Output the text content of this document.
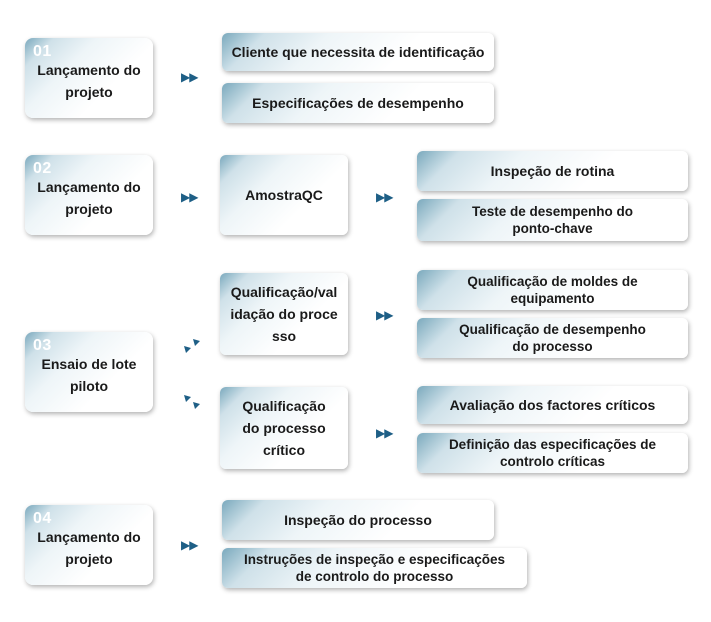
01
Lançamento do projeto
▶▶
Cliente que necessita de identificação
Especificações de desempenho
02
Lançamento do projeto
▶▶	AmostraQC	▶▶
Inspeção de rotina
Teste de desempenho do ponto-chave
03
Ensaio de lote piloto
Qualificação/validação do processo
Qualificação do processo crítico
▶▶
▶▶
Qualificação de moldes de equipamento
Qualificação de desempenho do processo
Avaliação dos factores críticos
Definição das especificações de controlo críticas
04
Lançamento do projeto
▶▶
Inspeção do processo
Instruções de inspeção e especificações de controlo do processo
